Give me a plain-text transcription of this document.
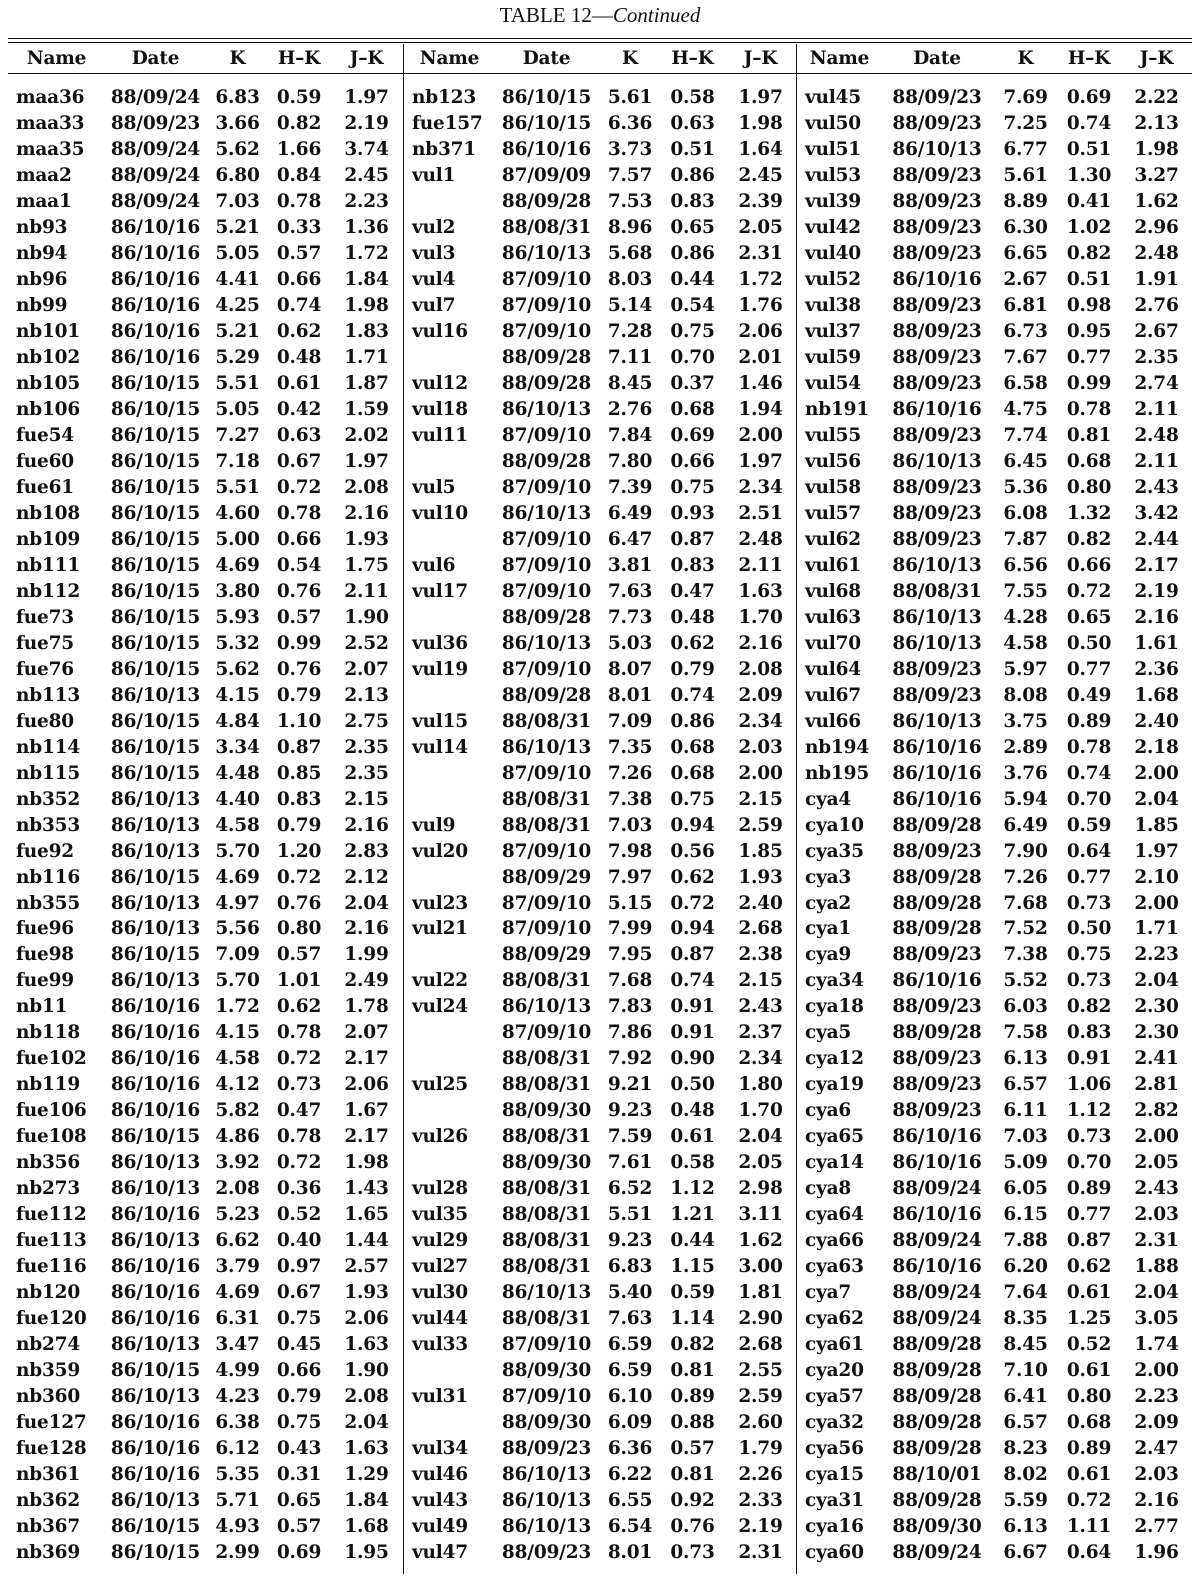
TABLE 12—Continued
Name	Date	K	H–K	J–K
maa36	88/09/24	6.83	0.59	1.97
maa33	88/09/23	3.66	0.82	2.19
maa35	88/09/24	5.62	1.66	3.74
maa2	88/09/24	6.80	0.84	2.45
maa1	88/09/24	7.03	0.78	2.23
nb93	86/10/16	5.21	0.33	1.36
nb94	86/10/16	5.05	0.57	1.72
nb96	86/10/16	4.41	0.66	1.84
nb99	86/10/16	4.25	0.74	1.98
nb101	86/10/16	5.21	0.62	1.83
nb102	86/10/16	5.29	0.48	1.71
nb105	86/10/15	5.51	0.61	1.87
nb106	86/10/15	5.05	0.42	1.59
fue54	86/10/15	7.27	0.63	2.02
fue60	86/10/15	7.18	0.67	1.97
fue61	86/10/15	5.51	0.72	2.08
nb108	86/10/15	4.60	0.78	2.16
nb109	86/10/15	5.00	0.66	1.93
nb111	86/10/15	4.69	0.54	1.75
nb112	86/10/15	3.80	0.76	2.11
fue73	86/10/15	5.93	0.57	1.90
fue75	86/10/15	5.32	0.99	2.52
fue76	86/10/15	5.62	0.76	2.07
nb113	86/10/13	4.15	0.79	2.13
fue80	86/10/15	4.84	1.10	2.75
nb114	86/10/15	3.34	0.87	2.35
nb115	86/10/15	4.48	0.85	2.35
nb352	86/10/13	4.40	0.83	2.15
nb353	86/10/13	4.58	0.79	2.16
fue92	86/10/13	5.70	1.20	2.83
nb116	86/10/15	4.69	0.72	2.12
nb355	86/10/13	4.97	0.76	2.04
fue96	86/10/13	5.56	0.80	2.16
fue98	86/10/15	7.09	0.57	1.99
fue99	86/10/13	5.70	1.01	2.49
nb11	86/10/16	1.72	0.62	1.78
nb118	86/10/16	4.15	0.78	2.07
fue102	86/10/16	4.58	0.72	2.17
nb119	86/10/16	4.12	0.73	2.06
fue106	86/10/16	5.82	0.47	1.67
fue108	86/10/15	4.86	0.78	2.17
nb356	86/10/13	3.92	0.72	1.98
nb273	86/10/13	2.08	0.36	1.43
fue112	86/10/16	5.23	0.52	1.65
fue113	86/10/13	6.62	0.40	1.44
fue116	86/10/16	3.79	0.97	2.57
nb120	86/10/16	4.69	0.67	1.93
fue120	86/10/16	6.31	0.75	2.06
nb274	86/10/13	3.47	0.45	1.63
nb359	86/10/15	4.99	0.66	1.90
nb360	86/10/13	4.23	0.79	2.08
fue127	86/10/16	6.38	0.75	2.04
fue128	86/10/16	6.12	0.43	1.63
nb361	86/10/16	5.35	0.31	1.29
nb362	86/10/13	5.71	0.65	1.84
nb367	86/10/15	4.93	0.57	1.68
nb369	86/10/15	2.99	0.69	1.95
Name	Date	K	H–K	J–K
nb123	86/10/15	5.61	0.58	1.97
fue157	86/10/15	6.36	0.63	1.98
nb371	86/10/16	3.73	0.51	1.64
vul1	87/09/09	7.57	0.86	2.45
	88/09/28	7.53	0.83	2.39
vul2	88/08/31	8.96	0.65	2.05
vul3	86/10/13	5.68	0.86	2.31
vul4	87/09/10	8.03	0.44	1.72
vul7	87/09/10	5.14	0.54	1.76
vul16	87/09/10	7.28	0.75	2.06
	88/09/28	7.11	0.70	2.01
vul12	88/09/28	8.45	0.37	1.46
vul18	86/10/13	2.76	0.68	1.94
vul11	87/09/10	7.84	0.69	2.00
	88/09/28	7.80	0.66	1.97
vul5	87/09/10	7.39	0.75	2.34
vul10	86/10/13	6.49	0.93	2.51
	87/09/10	6.47	0.87	2.48
vul6	87/09/10	3.81	0.83	2.11
vul17	87/09/10	7.63	0.47	1.63
	88/09/28	7.73	0.48	1.70
vul36	86/10/13	5.03	0.62	2.16
vul19	87/09/10	8.07	0.79	2.08
	88/09/28	8.01	0.74	2.09
vul15	88/08/31	7.09	0.86	2.34
vul14	86/10/13	7.35	0.68	2.03
	87/09/10	7.26	0.68	2.00
	88/08/31	7.38	0.75	2.15
vul9	88/08/31	7.03	0.94	2.59
vul20	87/09/10	7.98	0.56	1.85
	88/09/29	7.97	0.62	1.93
vul23	87/09/10	5.15	0.72	2.40
vul21	87/09/10	7.99	0.94	2.68
	88/09/29	7.95	0.87	2.38
vul22	88/08/31	7.68	0.74	2.15
vul24	86/10/13	7.83	0.91	2.43
	87/09/10	7.86	0.91	2.37
	88/08/31	7.92	0.90	2.34
vul25	88/08/31	9.21	0.50	1.80
	88/09/30	9.23	0.48	1.70
vul26	88/08/31	7.59	0.61	2.04
	88/09/30	7.61	0.58	2.05
vul28	88/08/31	6.52	1.12	2.98
vul35	88/08/31	5.51	1.21	3.11
vul29	88/08/31	9.23	0.44	1.62
vul27	88/08/31	6.83	1.15	3.00
vul30	86/10/13	5.40	0.59	1.81
vul44	88/08/31	7.63	1.14	2.90
vul33	87/09/10	6.59	0.82	2.68
	88/09/30	6.59	0.81	2.55
vul31	87/09/10	6.10	0.89	2.59
	88/09/30	6.09	0.88	2.60
vul34	88/09/23	6.36	0.57	1.79
vul46	86/10/13	6.22	0.81	2.26
vul43	86/10/13	6.55	0.92	2.33
vul49	86/10/13	6.54	0.76	2.19
vul47	88/09/23	8.01	0.73	2.31
Name	Date	K	H–K	J–K
vul45	88/09/23	7.69	0.69	2.22
vul50	88/09/23	7.25	0.74	2.13
vul51	86/10/13	6.77	0.51	1.98
vul53	88/09/23	5.61	1.30	3.27
vul39	88/09/23	8.89	0.41	1.62
vul42	88/09/23	6.30	1.02	2.96
vul40	88/09/23	6.65	0.82	2.48
vul52	86/10/16	2.67	0.51	1.91
vul38	88/09/23	6.81	0.98	2.76
vul37	88/09/23	6.73	0.95	2.67
vul59	88/09/23	7.67	0.77	2.35
vul54	88/09/23	6.58	0.99	2.74
nb191	86/10/16	4.75	0.78	2.11
vul55	88/09/23	7.74	0.81	2.48
vul56	86/10/13	6.45	0.68	2.11
vul58	88/09/23	5.36	0.80	2.43
vul57	88/09/23	6.08	1.32	3.42
vul62	88/09/23	7.87	0.82	2.44
vul61	86/10/13	6.56	0.66	2.17
vul68	88/08/31	7.55	0.72	2.19
vul63	86/10/13	4.28	0.65	2.16
vul70	86/10/13	4.58	0.50	1.61
vul64	88/09/23	5.97	0.77	2.36
vul67	88/09/23	8.08	0.49	1.68
vul66	86/10/13	3.75	0.89	2.40
nb194	86/10/16	2.89	0.78	2.18
nb195	86/10/16	3.76	0.74	2.00
cya4	86/10/16	5.94	0.70	2.04
cya10	88/09/28	6.49	0.59	1.85
cya35	88/09/23	7.90	0.64	1.97
cya3	88/09/28	7.26	0.77	2.10
cya2	88/09/28	7.68	0.73	2.00
cya1	88/09/28	7.52	0.50	1.71
cya9	88/09/23	7.38	0.75	2.23
cya34	86/10/16	5.52	0.73	2.04
cya18	88/09/23	6.03	0.82	2.30
cya5	88/09/28	7.58	0.83	2.30
cya12	88/09/23	6.13	0.91	2.41
cya19	88/09/23	6.57	1.06	2.81
cya6	88/09/23	6.11	1.12	2.82
cya65	86/10/16	7.03	0.73	2.00
cya14	86/10/16	5.09	0.70	2.05
cya8	88/09/24	6.05	0.89	2.43
cya64	86/10/16	6.15	0.77	2.03
cya66	88/09/24	7.88	0.87	2.31
cya63	86/10/16	6.20	0.62	1.88
cya7	88/09/24	7.64	0.61	2.04
cya62	88/09/24	8.35	1.25	3.05
cya61	88/09/28	8.45	0.52	1.74
cya20	88/09/28	7.10	0.61	2.00
cya57	88/09/28	6.41	0.80	2.23
cya32	88/09/28	6.57	0.68	2.09
cya56	88/09/28	8.23	0.89	2.47
cya15	88/10/01	8.02	0.61	2.03
cya31	88/09/28	5.59	0.72	2.16
cya16	88/09/30	6.13	1.11	2.77
cya60	88/09/24	6.67	0.64	1.96
